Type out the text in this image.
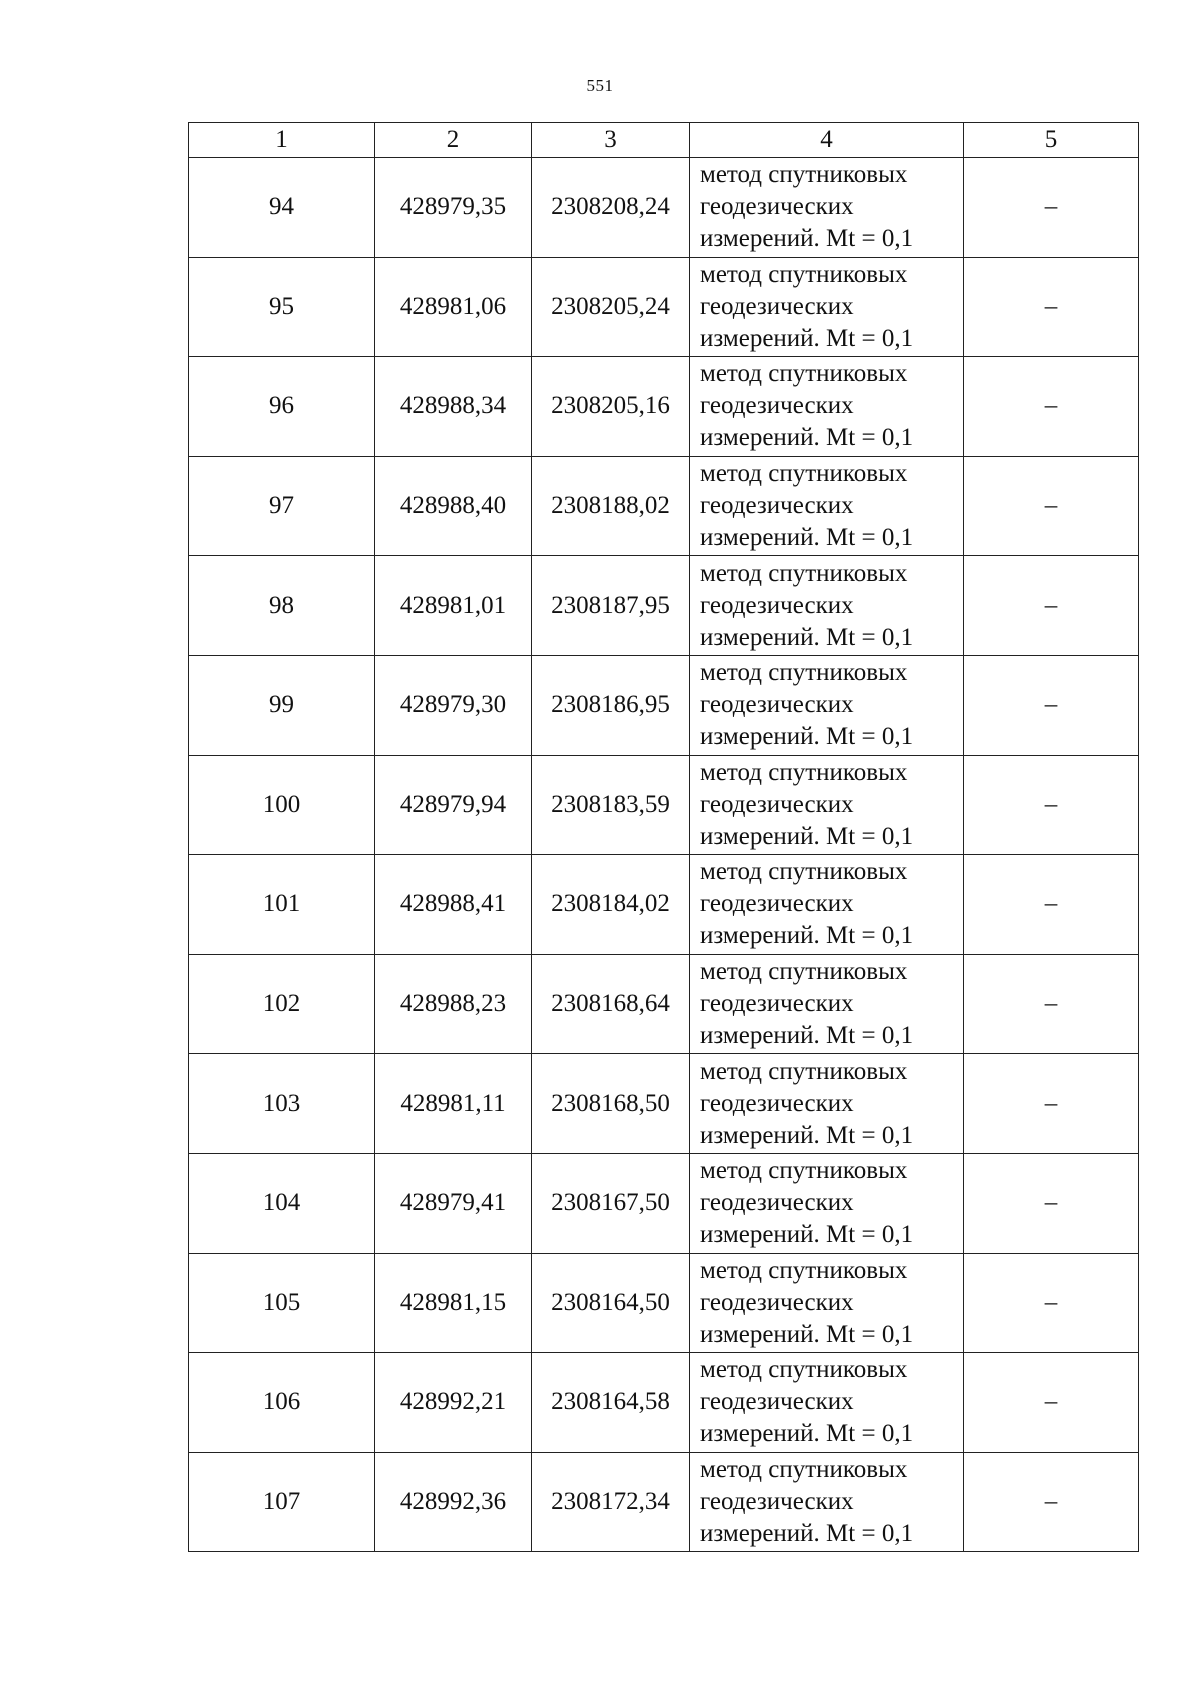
551
1	2	3	4	5
94	428979,35	2308208,24	метод спутниковых
геодезических
измерений. Mt = 0,1	–
95	428981,06	2308205,24	метод спутниковых
геодезических
измерений. Mt = 0,1	–
96	428988,34	2308205,16	метод спутниковых
геодезических
измерений. Mt = 0,1	–
97	428988,40	2308188,02	метод спутниковых
геодезических
измерений. Mt = 0,1	–
98	428981,01	2308187,95	метод спутниковых
геодезических
измерений. Mt = 0,1	–
99	428979,30	2308186,95	метод спутниковых
геодезических
измерений. Mt = 0,1	–
100	428979,94	2308183,59	метод спутниковых
геодезических
измерений. Mt = 0,1	–
101	428988,41	2308184,02	метод спутниковых
геодезических
измерений. Mt = 0,1	–
102	428988,23	2308168,64	метод спутниковых
геодезических
измерений. Mt = 0,1	–
103	428981,11	2308168,50	метод спутниковых
геодезических
измерений. Mt = 0,1	–
104	428979,41	2308167,50	метод спутниковых
геодезических
измерений. Mt = 0,1	–
105	428981,15	2308164,50	метод спутниковых
геодезических
измерений. Mt = 0,1	–
106	428992,21	2308164,58	метод спутниковых
геодезических
измерений. Mt = 0,1	–
107	428992,36	2308172,34	метод спутниковых
геодезических
измерений. Mt = 0,1	–
